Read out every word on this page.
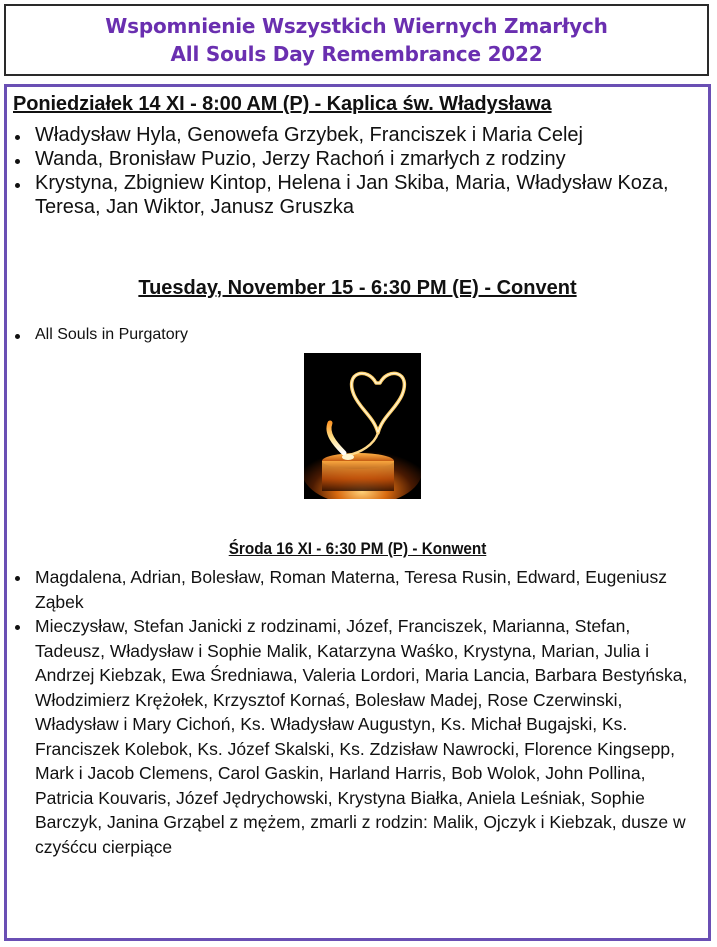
Wspomnienie Wszystkich Wiernych Zmarłych
All Souls Day Remembrance 2022
Poniedziałek 14 XI - 8:00 AM (P) - Kaplica św. Władysława
Władysław Hyla, Genowefa Grzybek, Franciszek i Maria Celej
Wanda, Bronisław Puzio, Jerzy Rachoń i zmarłych z rodziny
Krystyna, Zbigniew Kintop, Helena i Jan Skiba, Maria, Władysław Koza, Teresa, Jan Wiktor, Janusz Gruszka
Tuesday, November 15 - 6:30 PM (E) - Convent
All Souls in Purgatory
Środa 16 XI - 6:30 PM (P) - Konwent
Magdalena, Adrian, Bolesław, Roman Materna, Teresa Rusin, Edward, Eugeniusz Ząbek
Mieczysław, Stefan Janicki z rodzinami, Józef, Franciszek, Marianna, Stefan, Tadeusz, Władysław i Sophie Malik, Katarzyna Waśko, Krystyna, Marian, Julia i Andrzej Kiebzak, Ewa Średniawa, Valeria Lordori, Maria Lancia, Barbara Bestyńska, Włodzimierz Krężołek, Krzysztof Kornaś, Bolesław Madej, Rose Czerwinski, Władysław i Mary Cichoń, Ks. Władysław Augustyn, Ks. Michał Bugajski, Ks. Franciszek Kolebok, Ks. Józef Skalski, Ks. Zdzisław Nawrocki, Florence Kingsepp, Mark i Jacob Clemens, Carol Gaskin, Harland Harris, Bob Wolok, John Pollina, Patricia Kouvaris, Józef Jędrychowski, Krystyna Białka, Aniela Leśniak, Sophie Barczyk, Janina Grząbel z mężem, zmarli z rodzin: Malik, Ojczyk i Kiebzak, dusze w czyśćcu cierpiące
